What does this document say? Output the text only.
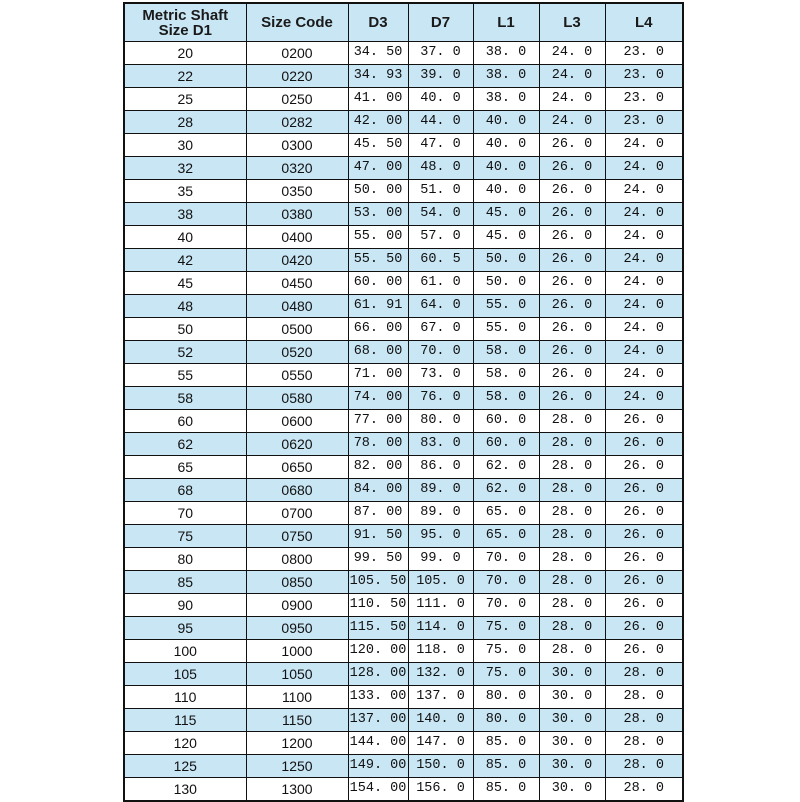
Metric Shaft
Size D1	Size Code	D3	D7	L1	L3	L4
20	0200	34. 50	37. 0	38. 0	24. 0	23. 0
22	0220	34. 93	39. 0	38. 0	24. 0	23. 0
25	0250	41. 00	40. 0	38. 0	24. 0	23. 0
28	0282	42. 00	44. 0	40. 0	24. 0	23. 0
30	0300	45. 50	47. 0	40. 0	26. 0	24. 0
32	0320	47. 00	48. 0	40. 0	26. 0	24. 0
35	0350	50. 00	51. 0	40. 0	26. 0	24. 0
38	0380	53. 00	54. 0	45. 0	26. 0	24. 0
40	0400	55. 00	57. 0	45. 0	26. 0	24. 0
42	0420	55. 50	60. 5	50. 0	26. 0	24. 0
45	0450	60. 00	61. 0	50. 0	26. 0	24. 0
48	0480	61. 91	64. 0	55. 0	26. 0	24. 0
50	0500	66. 00	67. 0	55. 0	26. 0	24. 0
52	0520	68. 00	70. 0	58. 0	26. 0	24. 0
55	0550	71. 00	73. 0	58. 0	26. 0	24. 0
58	0580	74. 00	76. 0	58. 0	26. 0	24. 0
60	0600	77. 00	80. 0	60. 0	28. 0	26. 0
62	0620	78. 00	83. 0	60. 0	28. 0	26. 0
65	0650	82. 00	86. 0	62. 0	28. 0	26. 0
68	0680	84. 00	89. 0	62. 0	28. 0	26. 0
70	0700	87. 00	89. 0	65. 0	28. 0	26. 0
75	0750	91. 50	95. 0	65. 0	28. 0	26. 0
80	0800	99. 50	99. 0	70. 0	28. 0	26. 0
85	0850	105. 50	105. 0	70. 0	28. 0	26. 0
90	0900	110. 50	111. 0	70. 0	28. 0	26. 0
95	0950	115. 50	114. 0	75. 0	28. 0	26. 0
100	1000	120. 00	118. 0	75. 0	28. 0	26. 0
105	1050	128. 00	132. 0	75. 0	30. 0	28. 0
110	1100	133. 00	137. 0	80. 0	30. 0	28. 0
115	1150	137. 00	140. 0	80. 0	30. 0	28. 0
120	1200	144. 00	147. 0	85. 0	30. 0	28. 0
125	1250	149. 00	150. 0	85. 0	30. 0	28. 0
130	1300	154. 00	156. 0	85. 0	30. 0	28. 0
